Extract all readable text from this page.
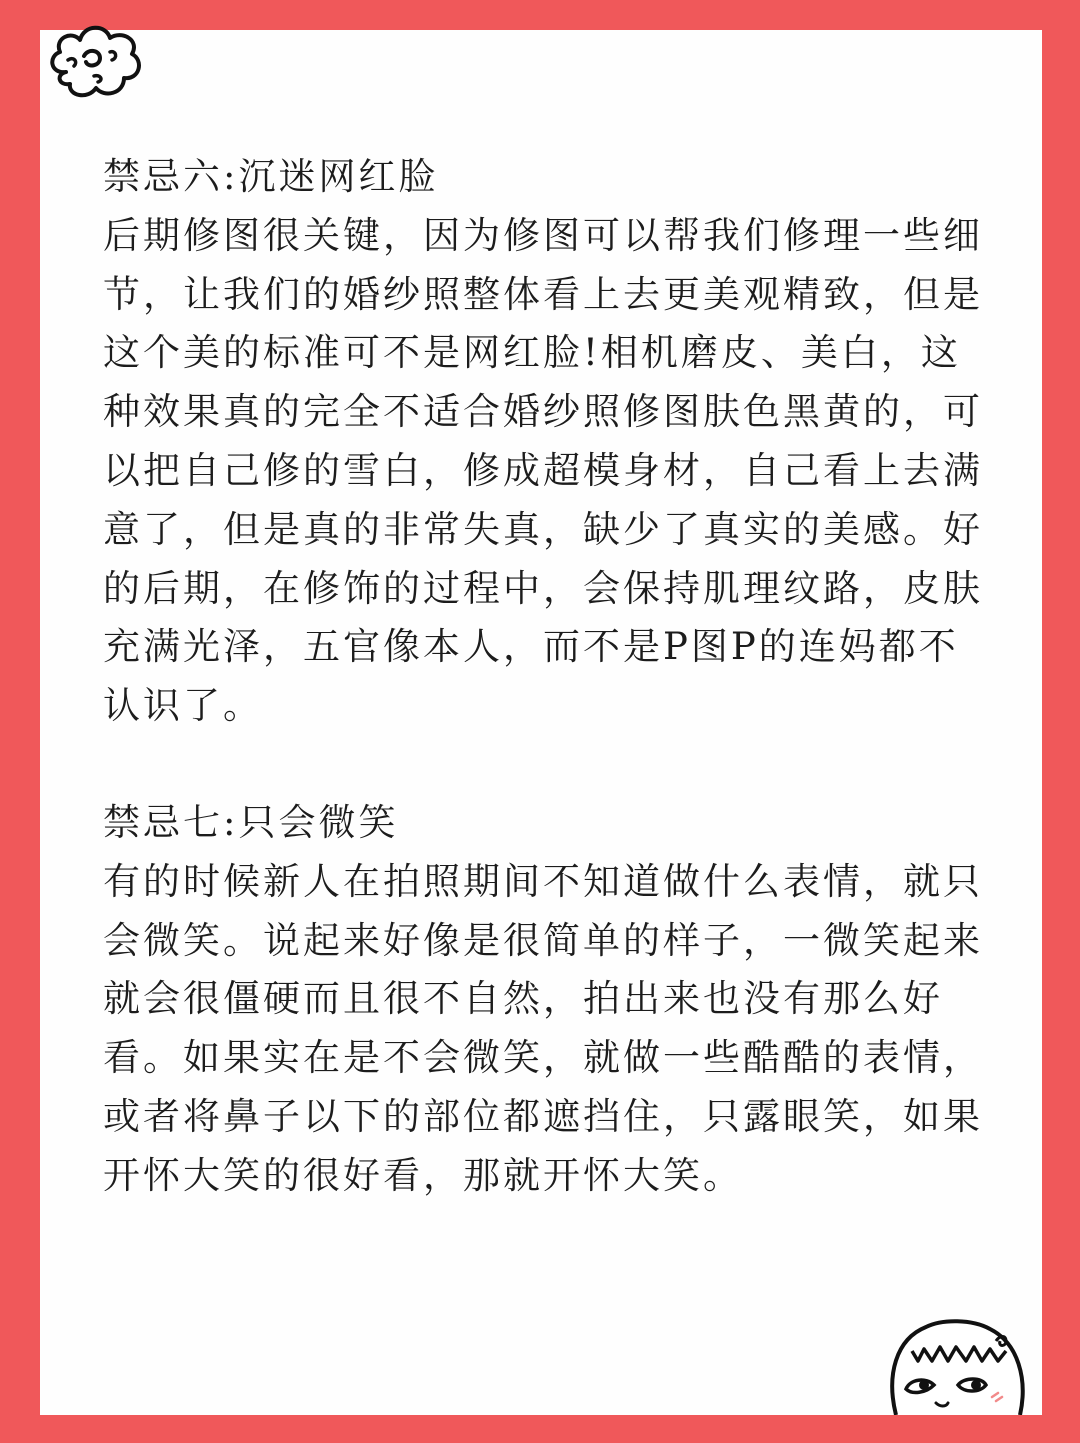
禁忌六:沉迷网红脸

后期修图很关键，因为修图可以帮我们修理一些细节，让我们的婚纱照整体看上去更美观精致，但是这个美的标准可不是网红脸!相机磨皮、美白，这种效果真的完全不适合婚纱照修图肤色黑黄的，可以把自己修的雪白，修成超模身材，自己看上去满意了，但是真的非常失真，缺少了真实的美感。好的后期，在修饰的过程中，会保持肌理纹路，皮肤充满光泽，五官像本人，而不是P图P的连妈都不认识了。

禁忌七:只会微笑

有的时候新人在拍照期间不知道做什么表情，就只会微笑。说起来好像是很简单的样子，一微笑起来就会很僵硬而且很不自然，拍出来也没有那么好看。如果实在是不会微笑，就做一些酷酷的表情，或者将鼻子以下的部位都遮挡住，只露眼笑，如果开怀大笑的很好看，那就开怀大笑。
